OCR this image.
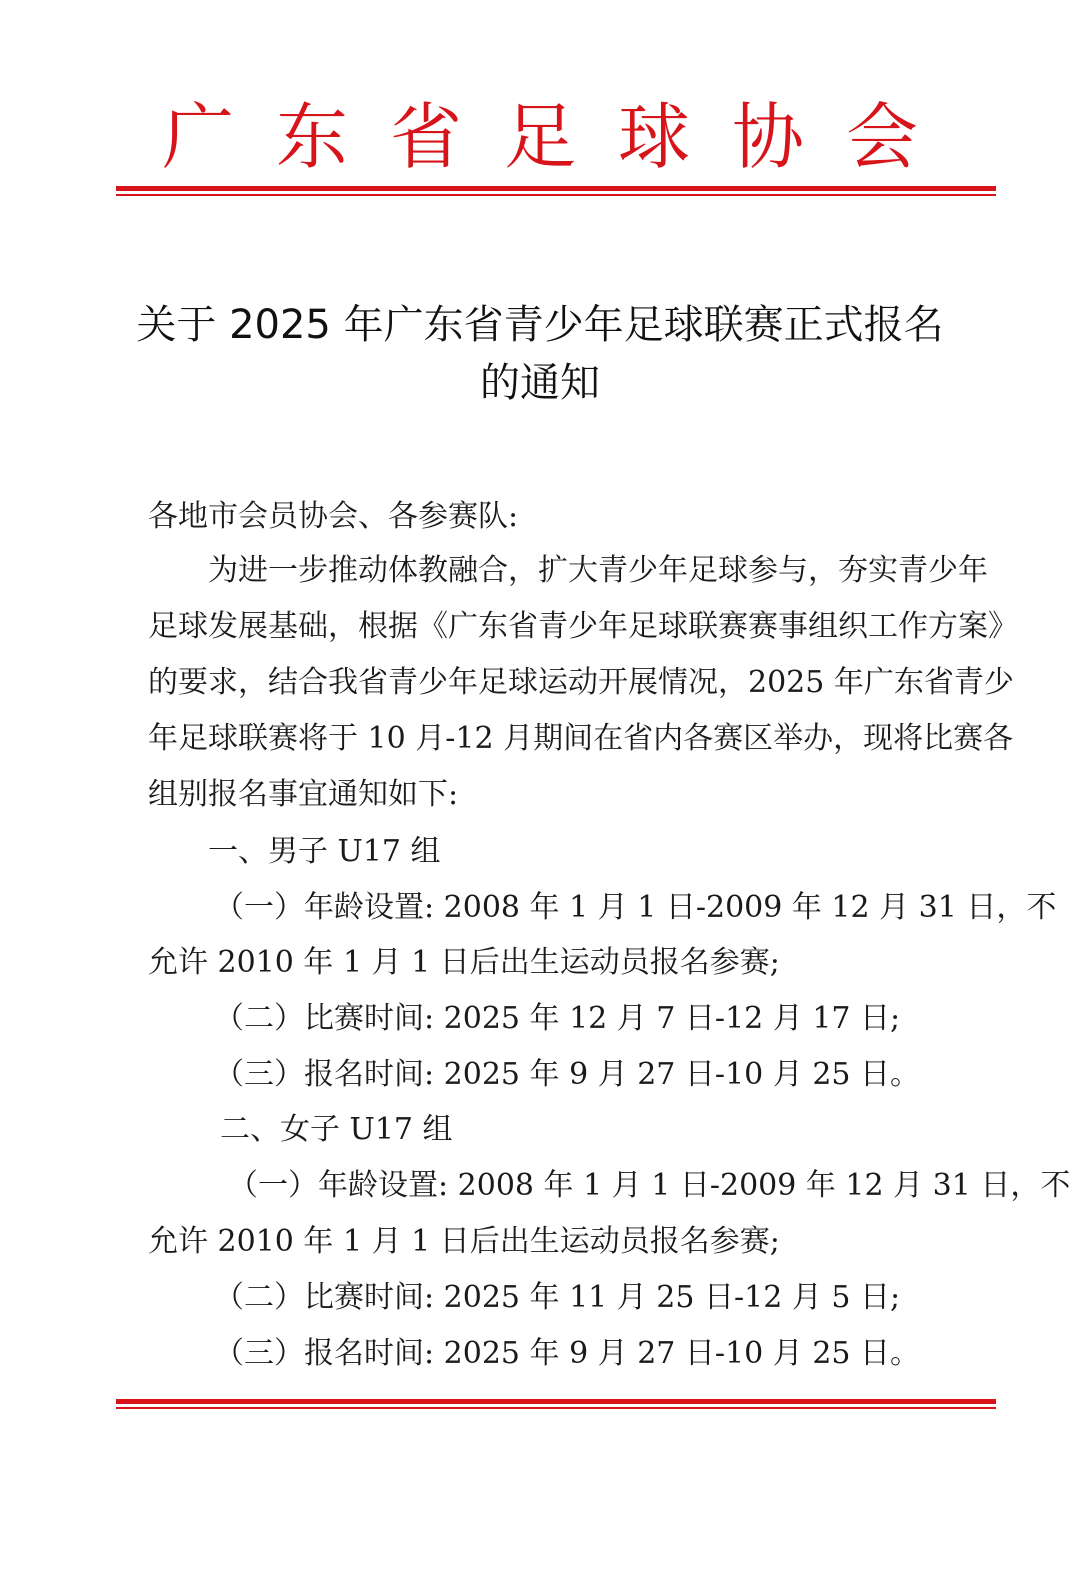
广东省足球协会
关于 2025 年广东省青少年足球联赛正式报名
的通知
各地市会员协会、各参赛队:
为进一步推动体教融合，扩大青少年足球参与，夯实青少年
足球发展基础，根据《广东省青少年足球联赛赛事组织工作方案》
的要求，结合我省青少年足球运动开展情况，2025 年广东省青少
年足球联赛将于 10 月-12 月期间在省内各赛区举办，现将比赛各
组别报名事宜通知如下:
一、男子 U17 组
（一）年龄设置: 2008 年 1 月 1 日-2009 年 12 月 31 日，不
允许 2010 年 1 月 1 日后出生运动员报名参赛;
（二）比赛时间: 2025 年 12 月 7 日-12 月 17 日;
（三）报名时间: 2025 年 9 月 27 日-10 月 25 日。
二、女子 U17 组
（一）年龄设置: 2008 年 1 月 1 日-2009 年 12 月 31 日，不
允许 2010 年 1 月 1 日后出生运动员报名参赛;
（二）比赛时间: 2025 年 11 月 25 日-12 月 5 日;
（三）报名时间: 2025 年 9 月 27 日-10 月 25 日。
